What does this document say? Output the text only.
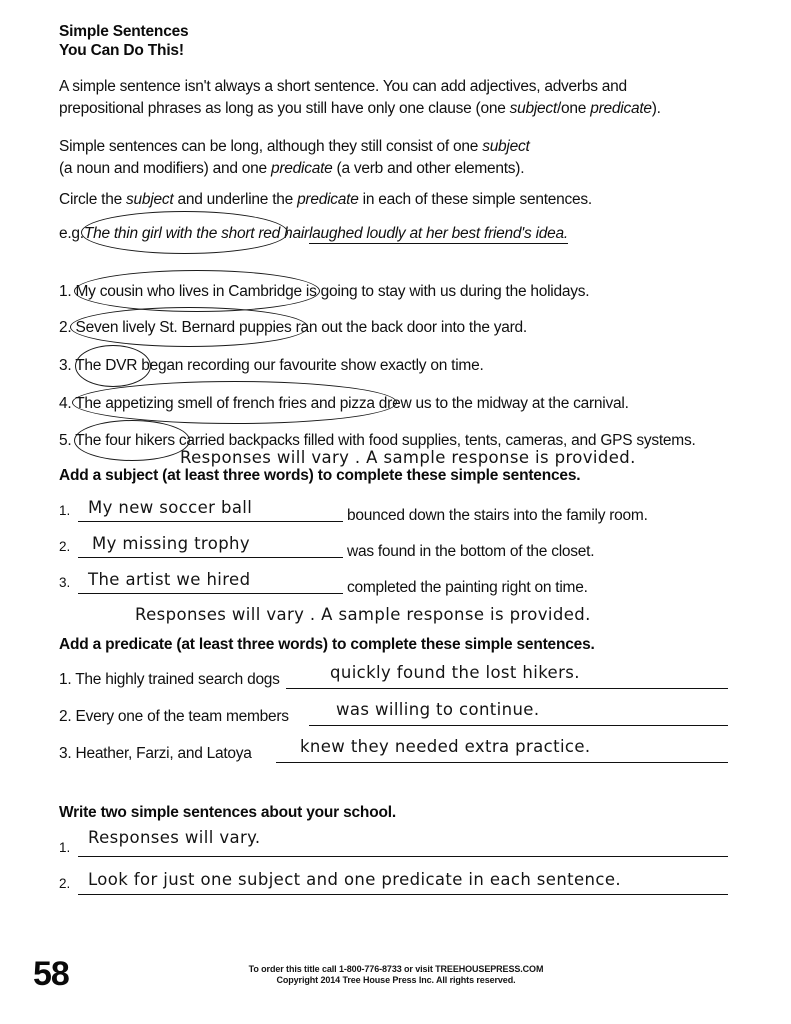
Simple Sentences
You Can Do This!
A simple sentence isn't always a short sentence. You can add adjectives, adverbs and
prepositional phrases as long as you still have only one clause (one subject/one predicate).
Simple sentences can be long, although they still consist of one subject
(a noun and modifiers) and one predicate (a verb and other elements).
Circle the subject and underline the predicate in each of these simple sentences.
e.g.The thin girl with the short red hairlaughed loudly at her best friend's idea.
1. My cousin who lives in Cambridge is going to stay with us during the holidays.
2. Seven lively St. Bernard puppies ran out the back door into the yard.
3. The DVR began recording our favourite show exactly on time.
4. The appetizing smell of french fries and pizza drew us to the midway at the carnival.
5. The four hikers carried backpacks filled with food supplies, tents, cameras, and GPS systems.
Responses will vary . A sample response is provided.
Add a subject (at least three words) to complete these simple sentences.
1. My new soccer ball	bounced down the stairs into the family room.
2. My missing trophy	was found in the bottom of the closet.
3. The artist we hired	completed the painting right on time.
Responses will vary . A sample response is provided.
Add a predicate (at least three words) to complete these simple sentences.
1. The highly trained search dogs	quickly found the lost hikers.
2. Every one of the team members	was willing to continue.
3. Heather, Farzi, and Latoya	knew they needed extra practice.
Write two simple sentences about your school.
1. Responses will vary.
2. Look for just one subject and one predicate in each sentence.
58	To order this title call 1-800-776-8733 or visit TREEHOUSEPRESS.COM
Copyright 2014 Tree House Press Inc. All rights reserved.
